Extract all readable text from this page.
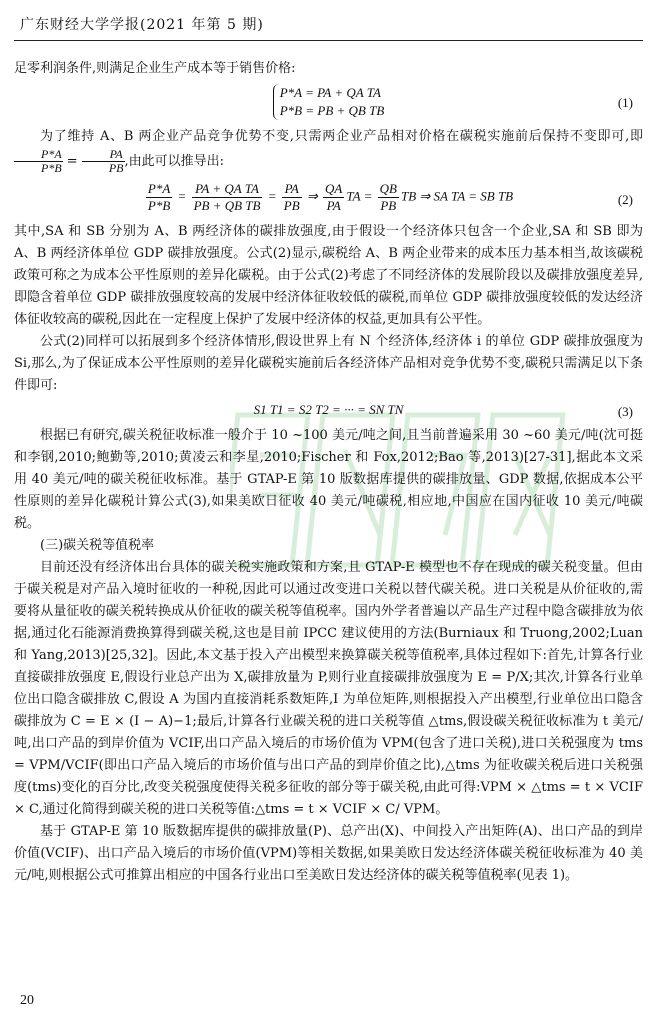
广东财经大学学报(2021 年第 5 期)

足零利润条件,则满足企业生产成本等于销售价格:

P*A = PA + QA TA
P*B = PB + QB TB
(1)

为了维持 A、B 两企业产品竞争优势不变,只需两企业产品相对价格在碳税实施前后保持不变即可,即
$\frac{P*A}{P*B} = \frac{PA}{PB}$ ,由此可以推导出:

$\frac{P*A}{P*B} = \frac{\text{PA + QA TA}}{\text{PB + QB TB}} = \frac{PA}{PB}$ ⇒ $\frac{QA}{PA}$ TA = $\frac{QB}{PB}$ TB ⇒ SA TA = SB TB	(2)

其中,SA 和 SB 分别为 A、B 两经济体的碳排放强度,由于假设一个经济体只包含一个企业,SA 和 SB 即为 A、B 两经济体单位 GDP 碳排放强度。公式(2)显示,碳税给 A、B 两企业带来的成本压力基本相当,故该碳税政策可称之为成本公平性原则的差异化碳税。由于公式(2)考虑了不同经济体的发展阶段以及碳排放强度差异,即隐含着单位 GDP 碳排放强度较高的发展中经济体征收较低的碳税,而单位 GDP 碳排放强度较低的发达经济体征收较高的碳税,因此在一定程度上保护了发展中经济体的权益,更加具有公平性。

公式(2)同样可以拓展到多个经济体情形,假设世界上有 N 个经济体,经济体 i 的单位 GDP 碳排放强度为 Si,那么,为了保证成本公平性原则的差异化碳税实施前后各经济体产品相对竞争优势不变,碳税只需满足以下条件即可:

S1 T1 = S2 T2 = ··· = SN TN	(3)

根据已有研究,碳关税征收标准一般介于 10 ~100 美元/吨之间,且当前普遍采用 30 ~60 美元/吨(沈可挺和李钢,2010;鲍勤等,2010;黄凌云和李星,2010;Fischer 和 Fox,2012;Bao 等,2013)[27-31],据此本文采用 40 美元/吨的碳关税征收标准。基于 GTAP-E 第 10 版数据库提供的碳排放量、GDP 数据,依据成本公平性原则的差异化碳税计算公式(3),如果美欧日征收 40 美元/吨碳税,相应地,中国应在国内征收 10 美元/吨碳税。

(三)碳关税等值税率

目前还没有经济体出台具体的碳关税实施政策和方案,且 GTAP-E 模型也不存在现成的碳关税变量。但由于碳关税是对产品入境时征收的一种税,因此可以通过改变进口关税以替代碳关税。进口关税是从价征收的,需要将从量征收的碳关税转换成从价征收的碳关税等值税率。国内外学者普遍以产品生产过程中隐含碳排放为依据,通过化石能源消费换算得到碳关税,这也是目前 IPCC 建议使用的方法(Burniaux 和 Truong,2002;Luan 和 Yang,2013)[25,32]。因此,本文基于投入产出模型来换算碳关税等值税率,具体过程如下:首先,计算各行业直接碳排放强度 E,假设行业总产出为 X,碳排放量为 P,则行业直接碳排放强度为 E = P/X;其次,计算各行业单位出口隐含碳排放 C,假设 A 为国内直接消耗系数矩阵,I 为单位矩阵,则根据投入产出模型,行业单位出口隐含碳排放为 C = E × (I − A)−1;最后,计算各行业碳关税的进口关税等值 △tms,假设碳关税征收标准为 t 美元/吨,出口产品的到岸价值为 VCIF,出口产品入境后的市场价值为 VPM(包含了进口关税),进口关税强度为 tms = VPM/VCIF(即出口产品入境后的市场价值与出口产品的到岸价值之比),△tms 为征收碳关税后进口关税强度(tms)变化的百分比,改变关税强度使得关税多征收的部分等于碳关税,由此可得:VPM × △tms = t × VCIF × C,通过化简得到碳关税的进口关税等值:△tms = t × VCIF × C/ VPM。

基于 GTAP-E 第 10 版数据库提供的碳排放量(P)、总产出(X)、中间投入产出矩阵(A)、出口产品的到岸价值(VCIF)、出口产品入境后的市场价值(VPM)等相关数据,如果美欧日发达经济体碳关税征收标准为 40 美元/吨,则根据公式可推算出相应的中国各行业出口至美欧日发达经济体的碳关税等值税率(见表 1)。

20
